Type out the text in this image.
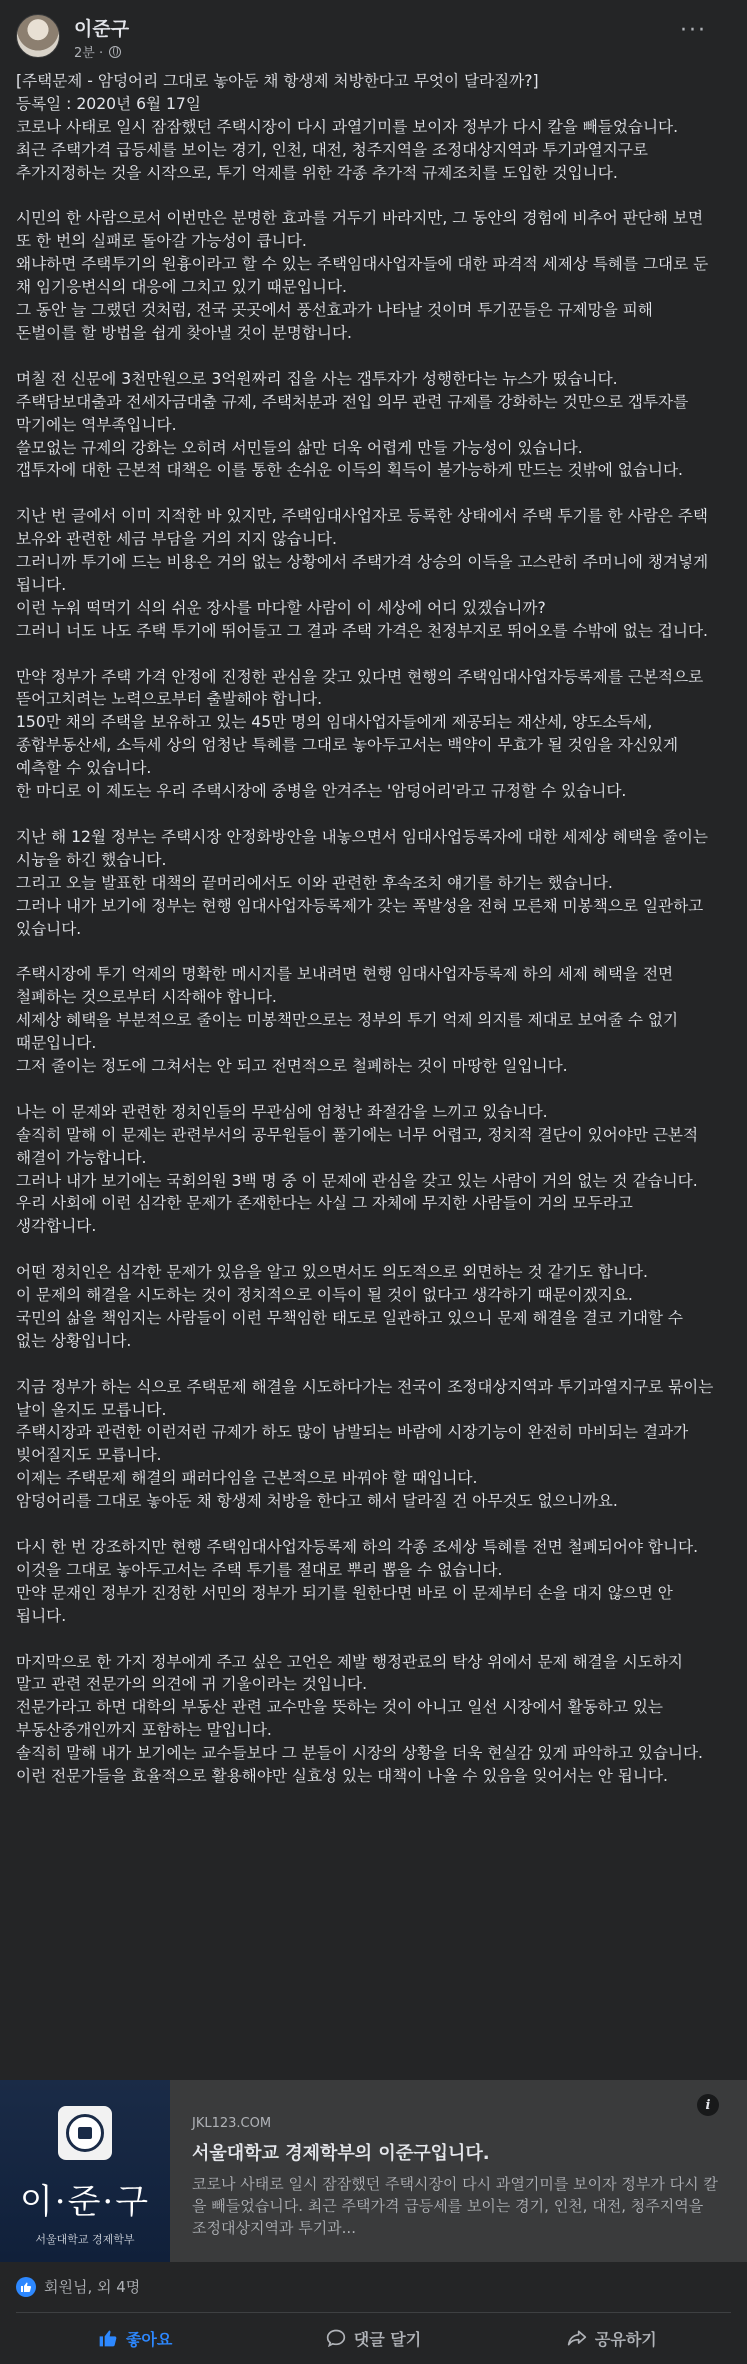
이준구
2분 ·
···
[주택문제 - 암덩어리 그대로 놓아둔 채 항생제 처방한다고 무엇이 달라질까?]
등록일 : 2020년 6월 17일
코로나 사태로 일시 잠잠했던 주택시장이 다시 과열기미를 보이자 정부가 다시 칼을 빼들었습니다.
최근 주택가격 급등세를 보이는 경기, 인천, 대전, 청주지역을 조정대상지역과 투기과열지구로 추가지정하는 것을 시작으로, 투기 억제를 위한 각종 추가적 규제조치를 도입한 것입니다.

시민의 한 사람으로서 이번만은 분명한 효과를 거두기 바라지만, 그 동안의 경험에 비추어 판단해 보면 또 한 번의 실패로 돌아갈 가능성이 큽니다.
왜냐하면 주택투기의 원흉이라고 할 수 있는 주택임대사업자들에 대한 파격적 세제상 특혜를 그대로 둔 채 임기응변식의 대응에 그치고 있기 때문입니다.
그 동안 늘 그랬던 것처럼, 전국 곳곳에서 풍선효과가 나타날 것이며 투기꾼들은 규제망을 피해 돈벌이를 할 방법을 쉽게 찾아낼 것이 분명합니다.

며칠 전 신문에 3천만원으로 3억원짜리 집을 사는 갭투자가 성행한다는 뉴스가 떴습니다.
주택담보대출과 전세자금대출 규제, 주택처분과 전입 의무 관련 규제를 강화하는 것만으로 갭투자를 막기에는 역부족입니다.
쓸모없는 규제의 강화는 오히려 서민들의 삶만 더욱 어렵게 만들 가능성이 있습니다.
갭투자에 대한 근본적 대책은 이를 통한 손쉬운 이득의 획득이 불가능하게 만드는 것밖에 없습니다.

지난 번 글에서 이미 지적한 바 있지만, 주택임대사업자로 등록한 상태에서 주택 투기를 한 사람은 주택 보유와 관련한 세금 부담을 거의 지지 않습니다.
그러니까 투기에 드는 비용은 거의 없는 상황에서 주택가격 상승의 이득을 고스란히 주머니에 챙겨넣게 됩니다.
이런 누워 떡먹기 식의 쉬운 장사를 마다할 사람이 이 세상에 어디 있겠습니까?
그러니 너도 나도 주택 투기에 뛰어들고 그 결과 주택 가격은 천정부지로 뛰어오를 수밖에 없는 겁니다.

만약 정부가 주택 가격 안정에 진정한 관심을 갖고 있다면 현행의 주택임대사업자등록제를 근본적으로 뜯어고치려는 노력으로부터 출발해야 합니다.
150만 채의 주택을 보유하고 있는 45만 명의 임대사업자들에게 제공되는 재산세, 양도소득세,종합부동산세, 소득세 상의 엄청난 특혜를 그대로 놓아두고서는 백약이 무효가 될 것임을 자신있게 예측할 수 있습니다.
한 마디로 이 제도는 우리 주택시장에 중병을 안겨주는 '암덩어리'라고 규정할 수 있습니다.

지난 해 12월 정부는 주택시장 안정화방안을 내놓으면서 임대사업등록자에 대한 세제상 혜택을 줄이는 시늉을 하긴 했습니다.
그리고 오늘 발표한 대책의 끝머리에서도 이와 관련한 후속조치 얘기를 하기는 했습니다.
그러나 내가 보기에 정부는 현행 임대사업자등록제가 갖는 폭발성을 전혀 모른채 미봉책으로 일관하고 있습니다.

주택시장에 투기 억제의 명확한 메시지를 보내려면 현행 임대사업자등록제 하의 세제 혜택을 전면 철폐하는 것으로부터 시작해야 합니다.
세제상 혜택을 부분적으로 줄이는 미봉책만으로는 정부의 투기 억제 의지를 제대로 보여줄 수 없기 때문입니다.
그저 줄이는 정도에 그쳐서는 안 되고 전면적으로 철폐하는 것이 마땅한 일입니다.

나는 이 문제와 관련한 정치인들의 무관심에 엄청난 좌절감을 느끼고 있습니다.
솔직히 말해 이 문제는 관련부서의 공무원들이 풀기에는 너무 어렵고, 정치적 결단이 있어야만 근본적 해결이 가능합니다.
그러나 내가 보기에는 국회의원 3백 명 중 이 문제에 관심을 갖고 있는 사람이 거의 없는 것 같습니다.
우리 사회에 이런 심각한 문제가 존재한다는 사실 그 자체에 무지한 사람들이 거의 모두라고 생각합니다.

어떤 정치인은 심각한 문제가 있음을 알고 있으면서도 의도적으로 외면하는 것 같기도 합니다.
이 문제의 해결을 시도하는 것이 정치적으로 이득이 될 것이 없다고 생각하기 때문이겠지요.
국민의 삶을 책임지는 사람들이 이런 무책임한 태도로 일관하고 있으니 문제 해결을 결코 기대할 수 없는 상황입니다.

지금 정부가 하는 식으로 주택문제 해결을 시도하다가는 전국이 조정대상지역과 투기과열지구로 묶이는 날이 올지도 모릅니다.
주택시장과 관련한 이런저런 규제가 하도 많이 남발되는 바람에 시장기능이 완전히 마비되는 결과가 빚어질지도 모릅니다.
이제는 주택문제 해결의 패러다임을 근본적으로 바꿔야 할 때입니다.
암덩어리를 그대로 놓아둔 채 항생제 처방을 한다고 해서 달라질 건 아무것도 없으니까요.

다시 한 번 강조하지만 현행 주택임대사업자등록제 하의 각종 조세상 특혜를 전면 철폐되어야 합니다.
이것을 그대로 놓아두고서는 주택 투기를 절대로 뿌리 뽑을 수 없습니다.
만약 문재인 정부가 진정한 서민의 정부가 되기를 원한다면 바로 이 문제부터 손을 대지 않으면 안 됩니다.

마지막으로 한 가지 정부에게 주고 싶은 고언은 제발 행정관료의 탁상 위에서 문제 해결을 시도하지 말고 관련 전문가의 의견에 귀 기울이라는 것입니다.
전문가라고 하면 대학의 부동산 관련 교수만을 뜻하는 것이 아니고 일선 시장에서 활동하고 있는 부동산중개인까지 포함하는 말입니다.
솔직히 말해 내가 보기에는 교수들보다 그 분들이 시장의 상황을 더욱 현실감 있게 파악하고 있습니다.
이런 전문가들을 효율적으로 활용해야만 실효성 있는 대책이 나올 수 있음을 잊어서는 안 됩니다.
이·준·구
서울대학교 경제학부
JKL123.COM
서울대학교 경제학부의 이준구입니다.
코로나 사태로 일시 잠잠했던 주택시장이 다시 과열기미를 보이자 정부가 다시 칼을 빼들었습니다. 최근 주택가격 급등세를 보이는 경기, 인천, 대전, 청주지역을 조정대상지역과 투기과...
i
회원님, 외 4명
좋아요	댓글 달기	공유하기
